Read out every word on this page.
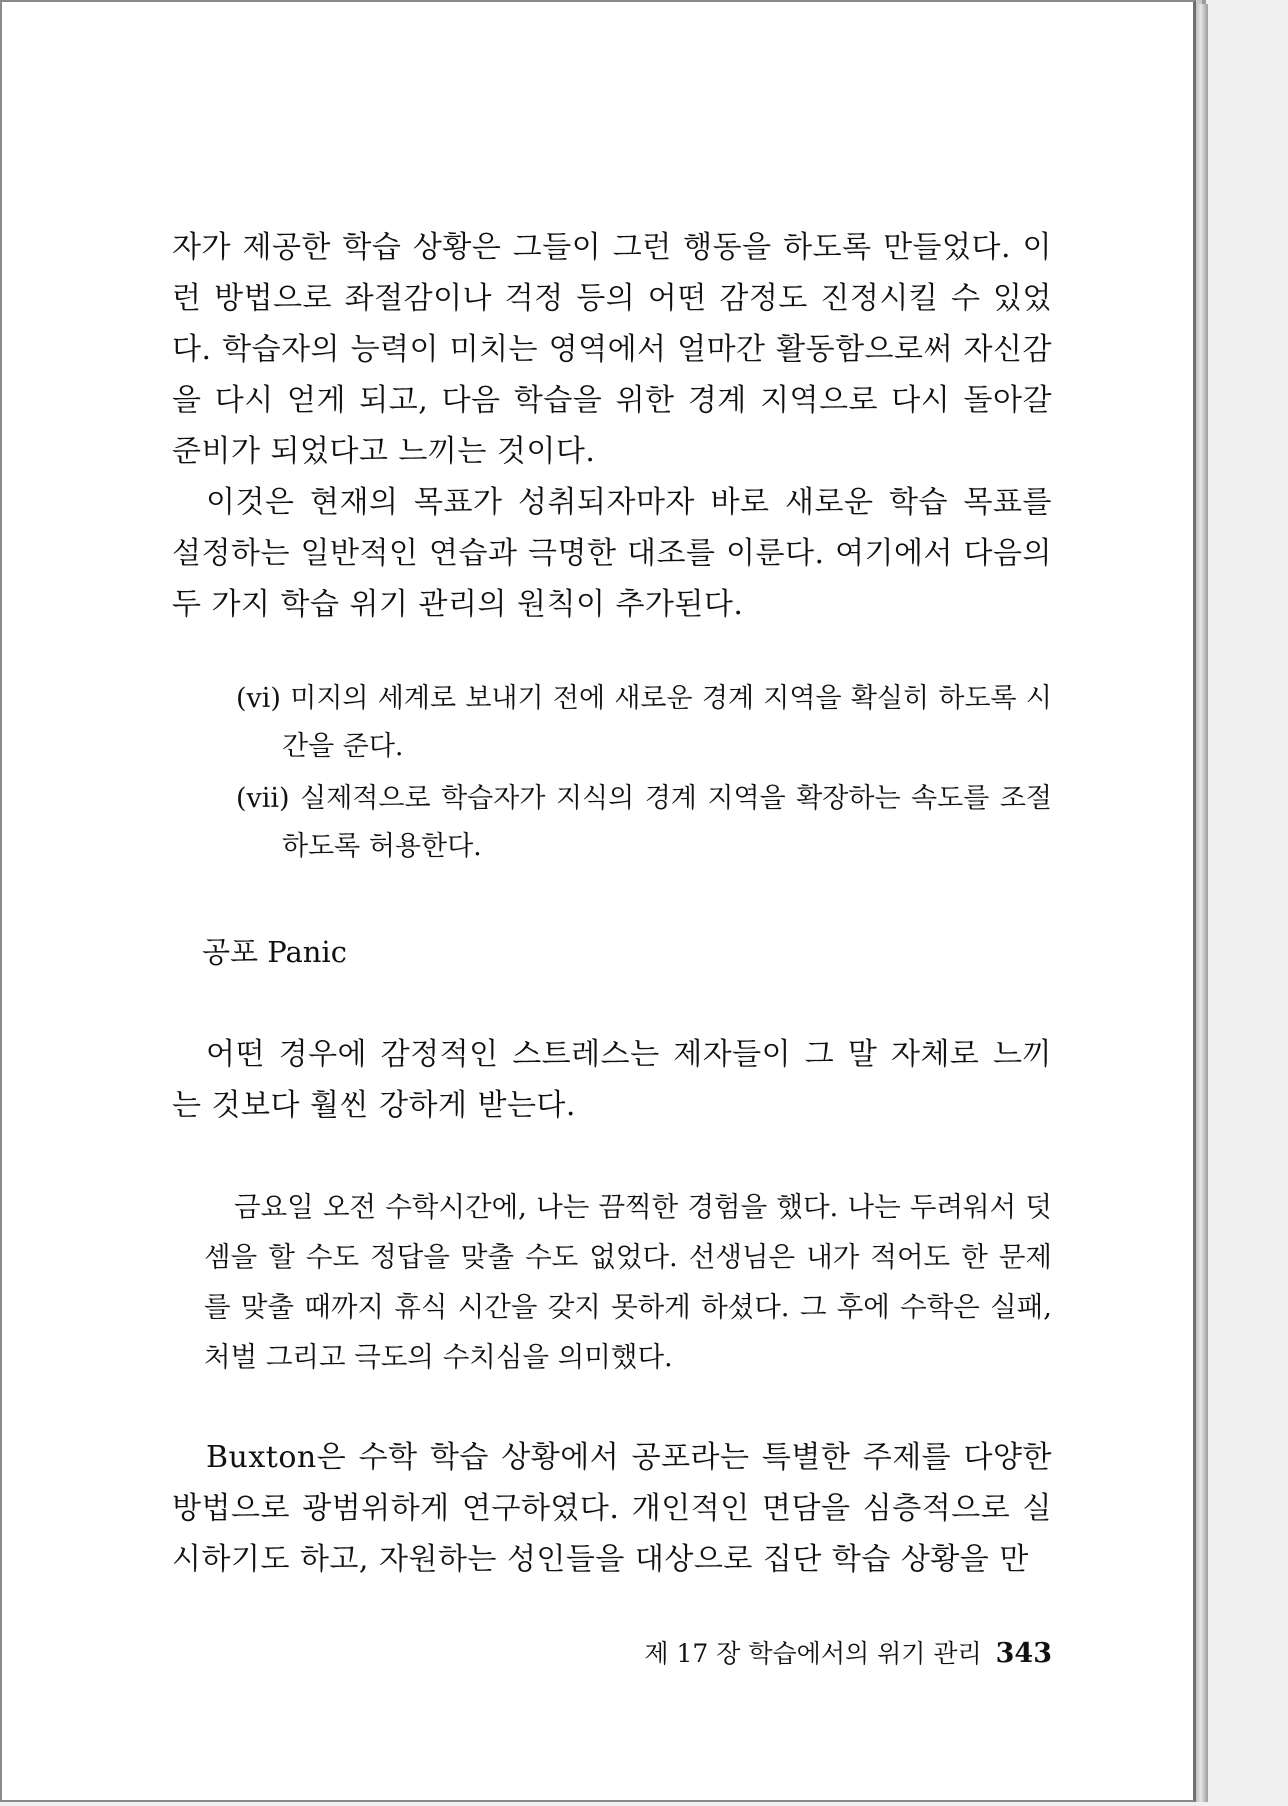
자가 제공한 학습 상황은 그들이 그런 행동을 하도록 만들었다. 이런 방법으로 좌절감이나 걱정 등의 어떤 감정도 진정시킬 수 있었다. 학습자의 능력이 미치는 영역에서 얼마간 활동함으로써 자신감을 다시 얻게 되고, 다음 학습을 위한 경계 지역으로 다시 돌아갈 준비가 되었다고 느끼는 것이다.

이것은 현재의 목표가 성취되자마자 바로 새로운 학습 목표를 설정하는 일반적인 연습과 극명한 대조를 이룬다. 여기에서 다음의 두 가지 학습 위기 관리의 원칙이 추가된다.

(vi) 미지의 세계로 보내기 전에 새로운 경계 지역을 확실히 하도록 시간을 준다.
(vii) 실제적으로 학습자가 지식의 경계 지역을 확장하는 속도를 조절하도록 허용한다.
공포 Panic

어떤 경우에 감정적인 스트레스는 제자들이 그 말 자체로 느끼는 것보다 훨씬 강하게 받는다.

금요일 오전 수학시간에, 나는 끔찍한 경험을 했다. 나는 두려워서 덧셈을 할 수도 정답을 맞출 수도 없었다. 선생님은 내가 적어도 한 문제를 맞출 때까지 휴식 시간을 갖지 못하게 하셨다. 그 후에 수학은 실패, 처벌 그리고 극도의 수치심을 의미했다.

Buxton은 수학 학습 상황에서 공포라는 특별한 주제를 다양한 방법으로 광범위하게 연구하였다. 개인적인 면담을 심층적으로 실시하기도 하고, 자원하는 성인들을 대상으로 집단 학습 상황을 만

제 17 장 학습에서의 위기 관리 343
